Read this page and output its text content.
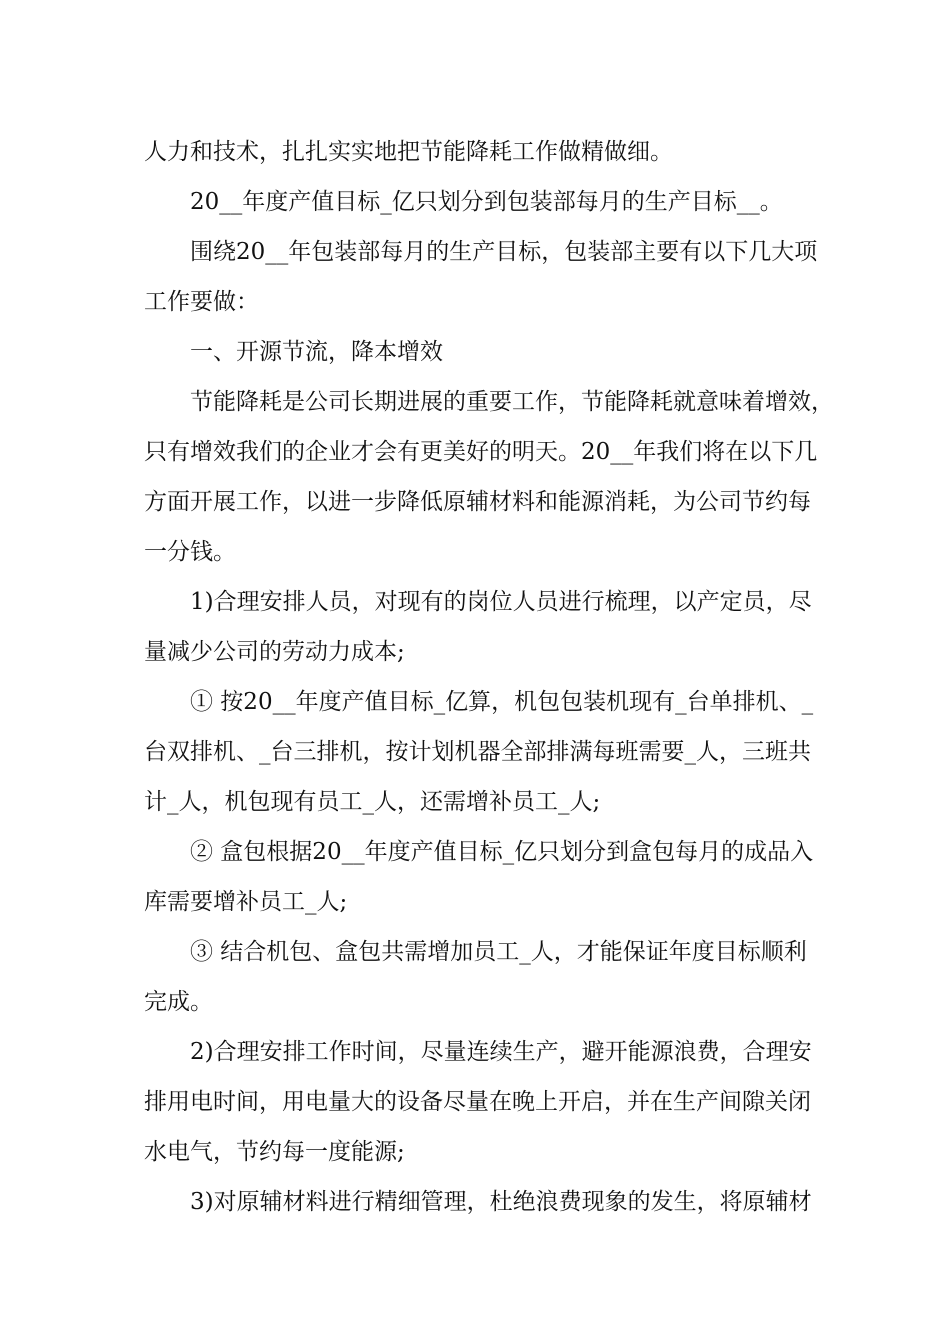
人力和技术，扎扎实实地把节能降耗工作做精做细。

20__年度产值目标_亿只划分到包装部每月的生产目标__。

围绕20__年包装部每月的生产目标，包装部主要有以下几大项
工作要做：

一、开源节流，降本增效

节能降耗是公司长期进展的重要工作，节能降耗就意味着增效，
只有增效我们的企业才会有更美好的明天。20__年我们将在以下几
方面开展工作，以进一步降低原辅材料和能源消耗，为公司节约每
一分钱。

1)合理安排人员，对现有的岗位人员进行梳理，以产定员，尽
量减少公司的劳动力成本;

① 按20__年度产值目标_亿算，机包包装机现有_台单排机、_
台双排机、_台三排机，按计划机器全部排满每班需要_人，三班共
计_人，机包现有员工_人，还需增补员工_人;

② 盒包根据20__年度产值目标_亿只划分到盒包每月的成品入
库需要增补员工_人;

③ 结合机包、盒包共需增加员工_人，才能保证年度目标顺利
完成。

2)合理安排工作时间，尽量连续生产，避开能源浪费，合理安
排用电时间，用电量大的设备尽量在晚上开启，并在生产间隙关闭
水电气，节约每一度能源;

3)对原辅材料进行精细管理，杜绝浪费现象的发生，将原辅材
